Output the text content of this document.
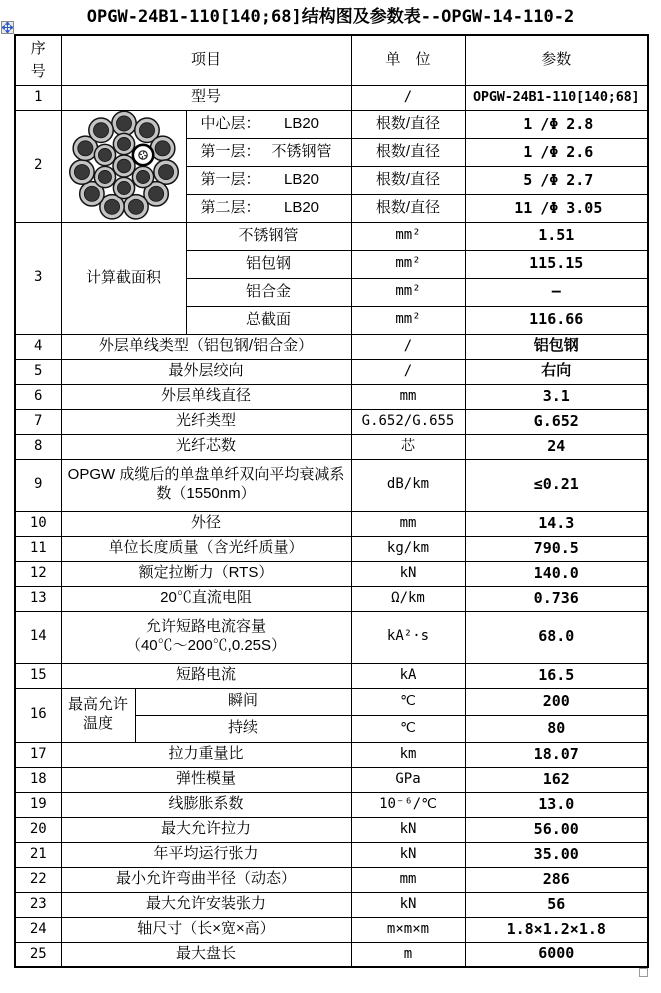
OPGW-24B1-110[140;68]结构图及参数表--OPGW-14-110-2
序号	项目			单　位	参数
1	型号			/	OPGW-24B1-110[140;68]
2			中心层： LB20	根数/直径	1 /Φ 2.8

			第一层： 不锈钢管	根数/直径	1 /Φ 2.6

			第一层： LB20	根数/直径	5 /Φ 2.7

			第二层： LB20	根数/直径	11 /Φ 3.05

3	计算截面积		不锈钢管	mm²	1.51
			铝包钢	mm²	115.15
			铝合金	mm²	–
			总截面	mm²	116.66
4	外层单线类型（铝包钢/铝合金）			/	铝包钢
5	最外层绞向			/	右向
6	外层单线直径			mm	3.1
7	光纤类型			G.652/G.655	G.652
8	光纤芯数			芯	24
9	OPGW 成缆后的单盘单纤双向平均衰减系数（1550nm）			dB/km	≤0.21
10	外径			mm	14.3
11	单位长度质量（含光纤质量）			kg/km	790.5
12	额定拉断力（RTS）			kN	140.0
13	20℃直流电阻			Ω/km	0.736
14	允许短路电流容量
（40℃～200℃,0.25S）			kA²·s	68.0
15	短路电流			kA	16.5
16	最高允许温度	瞬间		℃	200
		持续		℃	80
17	拉力重量比			km	18.07
18	弹性模量			GPa	162
19	线膨胀系数			10⁻⁶/℃	13.0
20	最大允许拉力			kN	56.00
21	年平均运行张力			kN	35.00
22	最小允许弯曲半径（动态）			mm	286
23	最大允许安装张力			kN	56
24	轴尺寸（长×宽×高）			m×m×m	1.8×1.2×1.8
25	最大盘长			m	6000
